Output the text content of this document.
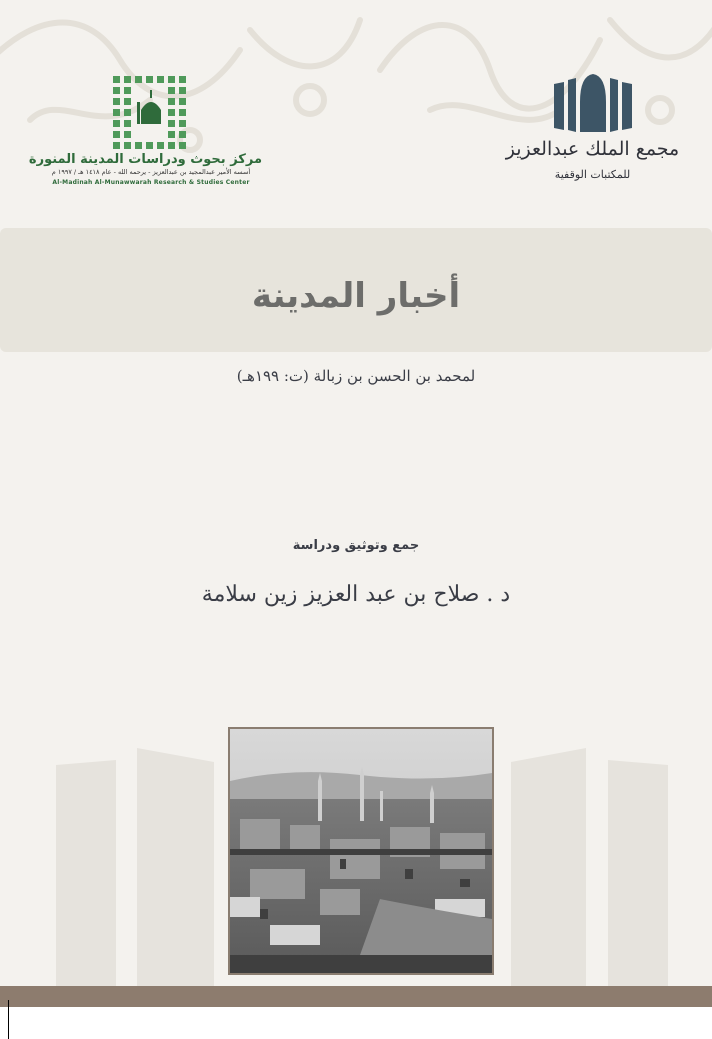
مركز بحوث ودراسات المدينة المنورة
أسسه الأمير عبدالمجيد بن عبدالعزيز - يرحمه الله - عام ١٤١٨ هـ / ١٩٩٧ م
Al-Madinah Al-Munawwarah Research & Studies Center
مجمع الملك عبدالعزيز
للمكتبات الوقفية
أخبار المدينة
لمحمد بن الحسن بن زبالة (ت: ١٩٩هـ)
جمع وتوثيق ودراسة
د . صلاح بن عبد العزيز زين سلامة
